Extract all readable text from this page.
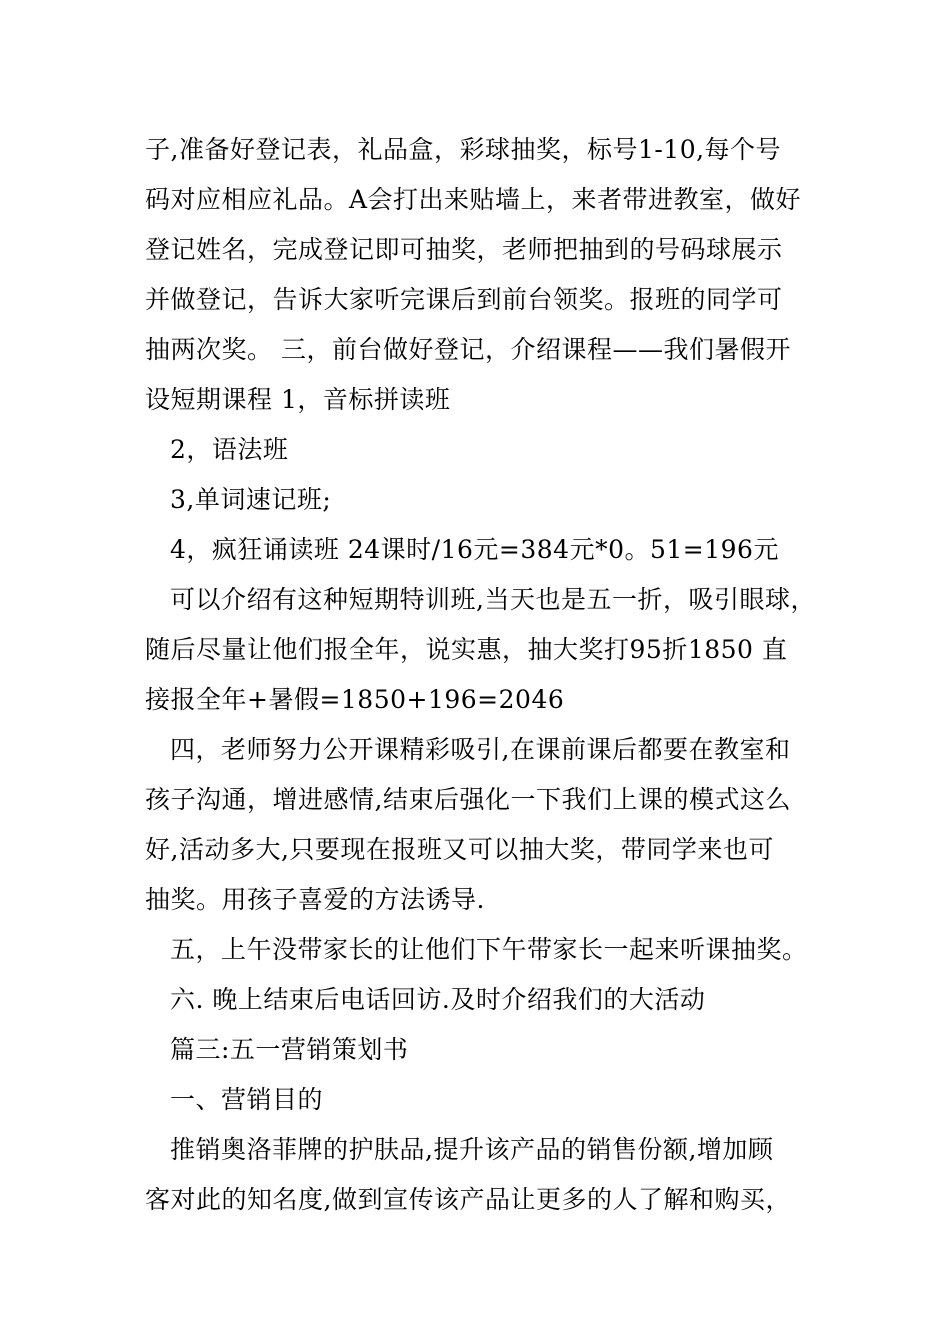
子,准备好登记表，礼品盒，彩球抽奖，标号1-10,每个号
码对应相应礼品。A会打出来贴墙上，来者带进教室，做好
登记姓名，完成登记即可抽奖，老师把抽到的号码球展示
并做登记，告诉大家听完课后到前台领奖。报班的同学可
抽两次奖。 三，前台做好登记，介绍课程——我们暑假开
设短期课程 1，音标拼读班
2，语法班
3,单词速记班;
4，疯狂诵读班 24课时/16元=384元*0。51=196元
可以介绍有这种短期特训班,当天也是五一折，吸引眼球，
随后尽量让他们报全年，说实惠，抽大奖打95折1850 直
接报全年+暑假=1850+196=2046
四，老师努力公开课精彩吸引,在课前课后都要在教室和
孩子沟通，增进感情,结束后强化一下我们上课的模式这么
好,活动多大,只要现在报班又可以抽大奖，带同学来也可
抽奖。用孩子喜爱的方法诱导.
五，上午没带家长的让他们下午带家长一起来听课抽奖。
六. 晚上结束后电话回访.及时介绍我们的大活动
篇三:五一营销策划书
一、营销目的
推销奥洛菲牌的护肤品,提升该产品的销售份额,增加顾
客对此的知名度,做到宣传该产品让更多的人了解和购买，
